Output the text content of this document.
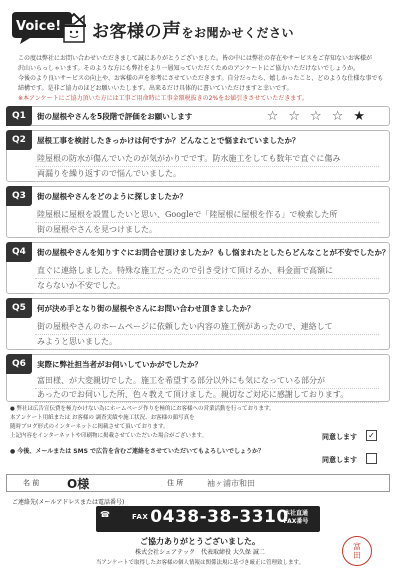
Voice! お客様の声をお聞かせください
この度は弊社にお問い合わせいただきまして誠にありがとうございました。皆の中には弊社の存在やサービスをご存知ないお客様が
沢山いらっしゃいます。そのような方にも弊社をより一層知っていただくためのアンケートにご協力いただけないでしょうか。
今後のより良いサービスの向上や、お客様の声を参考にさせていただきます。自分だったら、嬉しかったこと、どのような仕様な事でも
結構です。是非ご協力のほどお願いいたします。出来るだけ具体的に書いていただけますと幸いです。
※本アンケートにご協力頂いた方には工事ご用命時に工事金額税抜きの2%をお値引きさせていただきます。
Q1	街の屋根やさんを5段階で評価をお願いします	☆☆☆☆★
Q2	屋根工事を検討したきっかけは何ですか？どんなことで悩まれていましたか？
陸屋根の防水が傷んでいたのが気がかりでです。防水施工をしても数年で直ぐに傷み
両漏りを繰り返すので悩んでいました。
Q3	街の屋根やさんをどのように探しましたか？
陸屋根に屋根を設置したいと思い、Googleで「陸屋根に屋根を作る」で検索した所
街の屋根やさんを見つけました。
Q4	街の屋根やさんを知りすぐにお問合せ頂けましたか？もし悩まれたとしたらどんなことが不安でしたか？
直ぐに連絡しました。特殊な施工だったので引き受けて頂けるか、料金面で高額に
ならないか不安でした。
Q5	何が決め手となり街の屋根やさんにお問い合わせ頂きましたか？
街の屋根やさんのホームページに依頼したい内容の施工例があったので、連絡して
みようと思いました。
Q6	実際に弊社担当者がお伺いしていかがでしたか？
富田様、が大変親切でした。施工を希望する部分以外にも気になっている部分が
あったのでお伺いした所、色々教えて頂けました。親切なご対応に感謝しております。
● 弊社は広告宣伝費を極力かけない為にホームページ作りを極的にお客様への営業活動を行っております。
本アンケート用紙または お客様の 調査実績や施工状況、お客様の顔写真を
随時ブログ形式のインターネットに掲載させて頂いております。
上記内容をインターネットや印刷物に掲載させていただいた場合がございます。
● 今後、メールまたは SMS で広告を含むご連絡をさせていただいてもよろしいでしょうか？
同意します ✓
同意します
名 前 O様	住 所	袖ヶ浦市和田
ご連絡先(メールアドレスまたは電話番号)
☎	FAX 0438-38-3310
本社直通
FAX番号
ご協力ありがとうございました。
株式会社シェアテック　代表取締役 大久保 誠二
当アンケートで取得したお客様の個人情報は関係法規に基づき厳正に管理致します。
富
田
